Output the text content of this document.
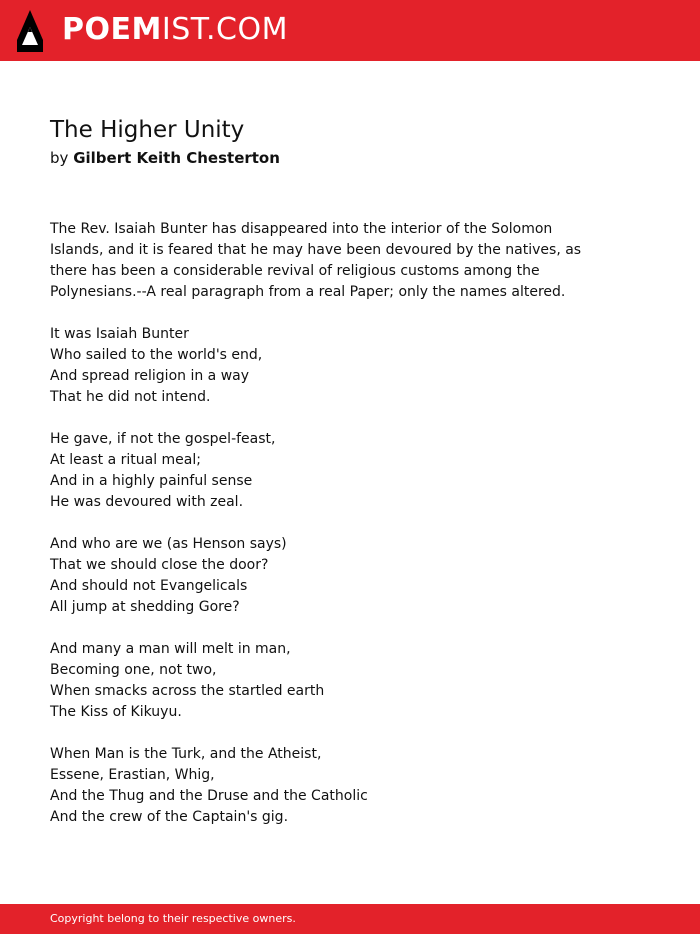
POEMIST.COM
The Higher Unity
by Gilbert Keith Chesterton
The Rev. Isaiah Bunter has disappeared into the interior of the Solomon
Islands, and it is feared that he may have been devoured by the natives, as
there has been a considerable revival of religious customs among the
Polynesians.--A real paragraph from a real Paper; only the names altered.
It was Isaiah Bunter
Who sailed to the world's end,
And spread religion in a way
That he did not intend.
He gave, if not the gospel-feast,
At least a ritual meal;
And in a highly painful sense
He was devoured with zeal.
And who are we (as Henson says)
That we should close the door?
And should not Evangelicals
All jump at shedding Gore?
And many a man will melt in man,
Becoming one, not two,
When smacks across the startled earth
The Kiss of Kikuyu.
When Man is the Turk, and the Atheist,
Essene, Erastian, Whig,
And the Thug and the Druse and the Catholic
And the crew of the Captain's gig.
Copyright belong to their respective owners.
